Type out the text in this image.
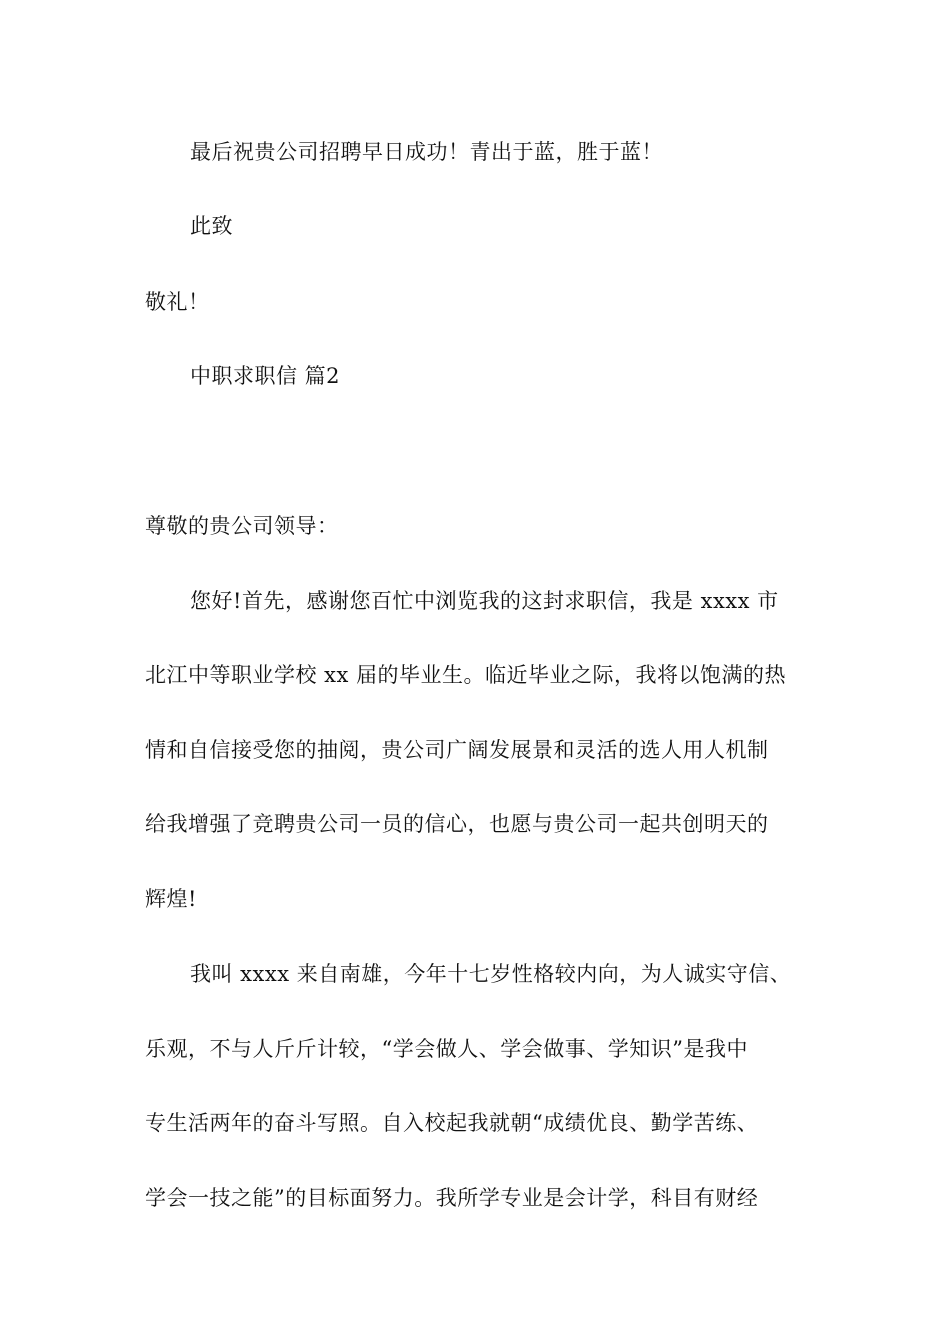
最后祝贵公司招聘早日成功！青出于蓝，胜于蓝！
此致
敬礼！
中职求职信 篇2
尊敬的贵公司领导：
您好!首先，感谢您百忙中浏览我的这封求职信，我是 xxxx 市
北江中等职业学校 xx 届的毕业生。临近毕业之际，我将以饱满的热
情和自信接受您的抽阅，贵公司广阔发展景和灵活的选人用人机制
给我增强了竞聘贵公司一员的信心，也愿与贵公司一起共创明天的
辉煌!
我叫 xxxx 来自南雄，今年十七岁性格较内向，为人诚实守信、
乐观，不与人斤斤计较，“学会做人、学会做事、学知识”是我中
专生活两年的奋斗写照。自入校起我就朝“成绩优良、勤学苦练、
学会一技之能”的目标面努力。我所学专业是会计学，科目有财经
